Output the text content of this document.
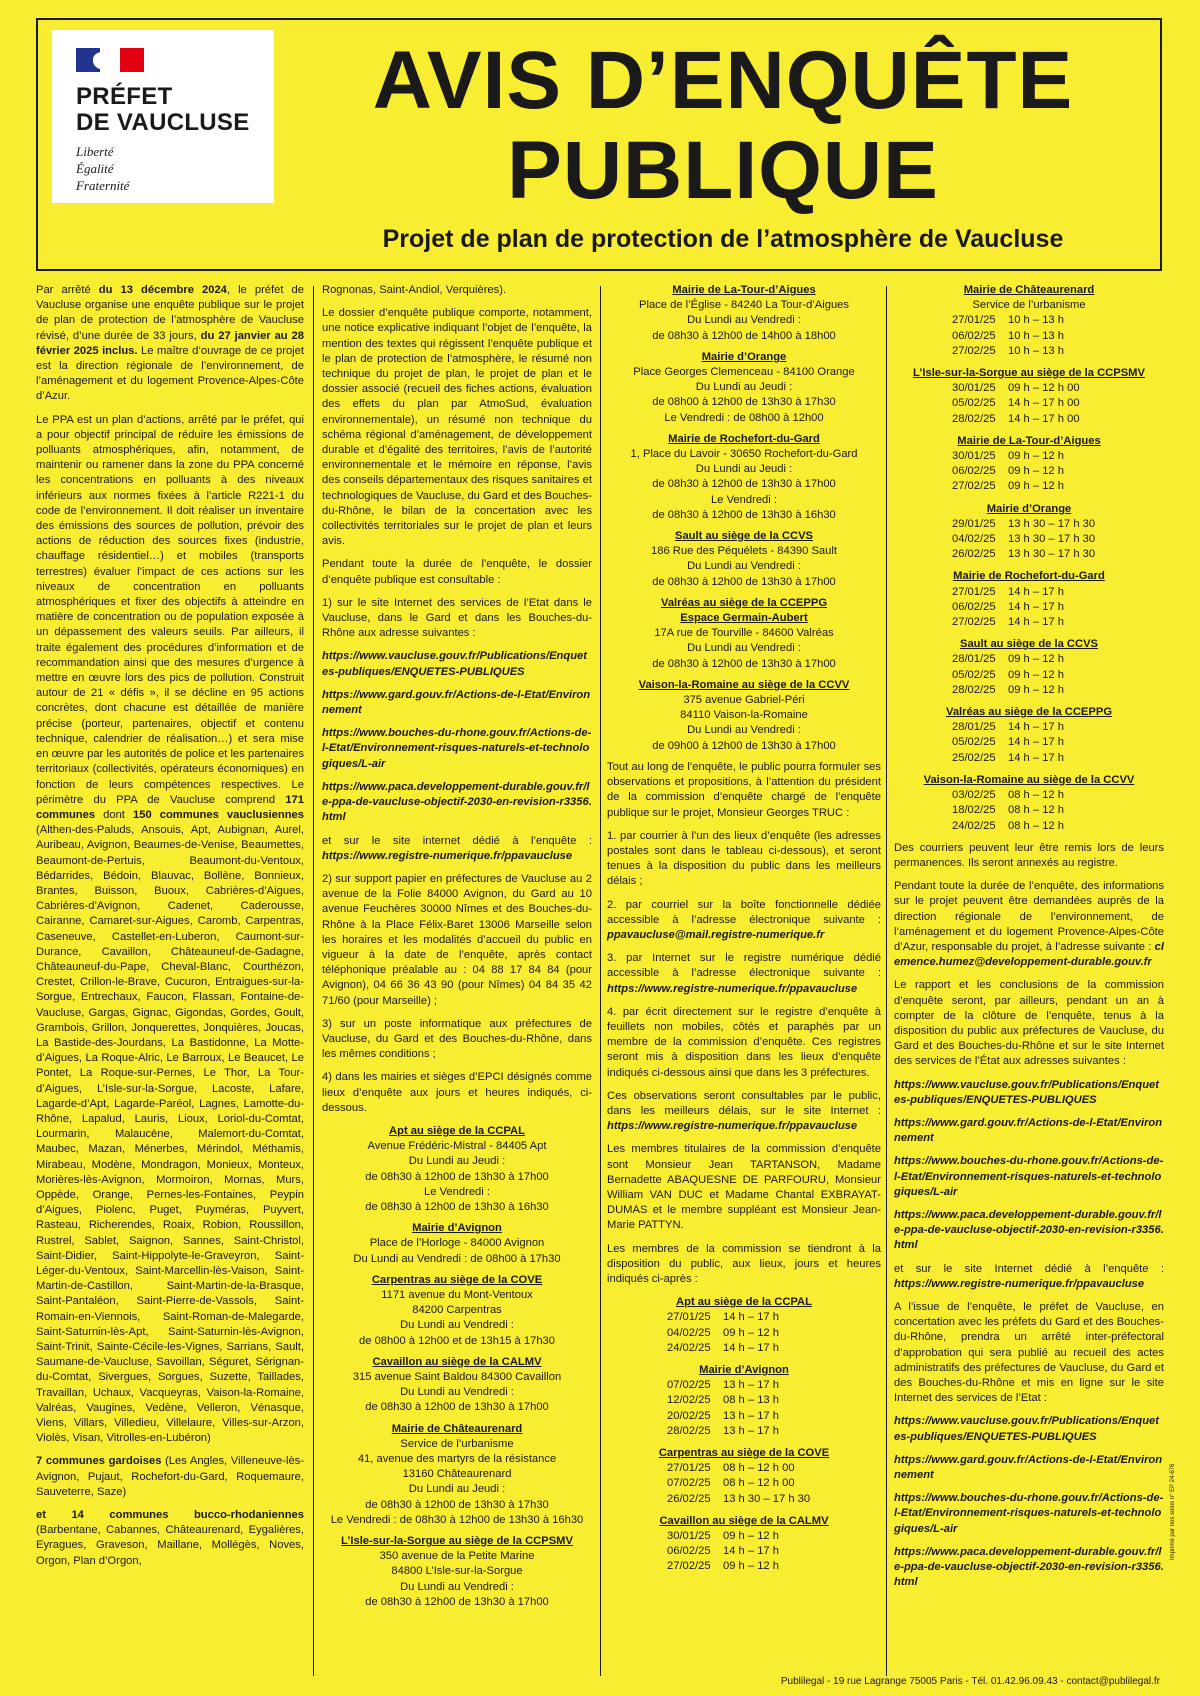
PRÉFET
DE VAUCLUSE
Liberté
Égalité
Fraternité
AVIS D’ENQUÊTE
PUBLIQUE
Projet de plan de protection de l’atmosphère de Vaucluse

Par arrêté du 13 décembre 2024, le préfet de Vaucluse organise une enquête publique sur le projet de plan de protection de l’atmosphère de Vaucluse révisé, d’une durée de 33 jours, du 27 janvier au 28 février 2025 inclus. Le maître d’ouvrage de ce projet est la direction régionale de l’environnement, de l’aménagement et du logement Provence-Alpes-Côte d’Azur.

Le PPA est un plan d’actions, arrêté par le préfet, qui a pour objectif principal de réduire les émissions de polluants atmosphériques, afin, notamment, de maintenir ou ramener dans la zone du PPA concerné les concentrations en polluants à des niveaux inférieurs aux normes fixées à l’article R221-1 du code de l’environnement. Il doit réaliser un inventaire des émissions des sources de pollution, prévoir des actions de réduction des sources fixes (industrie, chauffage résidentiel…) et mobiles (transports terrestres) évaluer l’impact de ces actions sur les niveaux de concentration en polluants atmosphériques et fixer des objectifs à atteindre en matière de concentration ou de population exposée à un dépassement des valeurs seuils. Par ailleurs, il traite également des procédures d’information et de recommandation ainsi que des mesures d’urgence à mettre en œuvre lors des pics de pollution. Construit autour de 21 « défis », il se décline en 95 actions concrètes, dont chacune est détaillée de manière précise (porteur, partenaires, objectif et contenu technique, calendrier de réalisation…) et sera mise en œuvre par les autorités de police et les partenaires territoriaux (collectivités, opérateurs économiques) en fonction de leurs compétences respectives. Le périmètre du PPA de Vaucluse comprend 171 communes dont 150 communes vauclusiennes (Althen-des-Paluds, Ansouis, Apt, Aubignan, Aurel, Auribeau, Avignon, Beaumes-de-Venise, Beaumettes, Beaumont-de-Pertuis, Beaumont-du-Ventoux, Bédarrides, Bédoin, Blauvac, Bollène, Bonnieux, Brantes, Buisson, Buoux, Cabrières-d’Aigues, Cabrières-d’Avignon, Cadenet, Caderousse, Cairanne, Camaret-sur-Aigues, Caromb, Carpentras, Caseneuve, Castellet-en-Luberon, Caumont-sur-Durance, Cavaillon, Châteauneuf-de-Gadagne, Châteauneuf-du-Pape, Cheval-Blanc, Courthézon, Crestet, Crillon-le-Brave, Cucuron, Entraigues-sur-la-Sorgue, Entrechaux, Faucon, Flassan, Fontaine-de-Vaucluse, Gargas, Gignac, Gigondas, Gordes, Goult, Grambois, Grillon, Jonquerettes, Jonquières, Joucas, La Bastide-des-Jourdans, La Bastidonne, La Motte-d’Aigues, La Roque-Alric, Le Barroux, Le Beaucet, Le Pontet, La Roque-sur-Pernes, Le Thor, La Tour-d’Aigues, L’Isle-sur-la-Sorgue, Lacoste, Lafare, Lagarde-d’Apt, Lagarde-Paréol, Lagnes, Lamotte-du-Rhône, Lapalud, Lauris, Lioux, Loriol-du-Comtat, Lourmarin, Malaucène, Malemort-du-Comtat, Maubec, Mazan, Ménerbes, Mérindol, Méthamis, Mirabeau, Modène, Mondragon, Monieux, Monteux, Morières-lès-Avignon, Mormoiron, Mornas, Murs, Oppède, Orange, Pernes-les-Fontaines, Peypin d’Aigues, Piolenc, Puget, Puyméras, Puyvert, Rasteau, Richerendes, Roaix, Robion, Roussillon, Rustrel, Sablet, Saignon, Sannes, Saint-Christol, Saint-Didier, Saint-Hippolyte-le-Graveyron, Saint-Léger-du-Ventoux, Saint-Marcellin-lès-Vaison, Saint-Martin-de-Castillon, Saint-Martin-de-la-Brasque, Saint-Pantaléon, Saint-Pierre-de-Vassols, Saint-Romain-en-Viennois, Saint-Roman-de-Malegarde, Saint-Saturnin-lès-Apt, Saint-Saturnin-lès-Avignon, Saint-Trinit, Sainte-Cécile-les-Vignes, Sarrians, Sault, Saumane-de-Vaucluse, Savoillan, Séguret, Sérignan-du-Comtat, Sivergues, Sorgues, Suzette, Taillades, Travaillan, Uchaux, Vacqueyras, Vaison-la-Romaine, Valréas, Vaugines, Vedène, Velleron, Vénasque, Viens, Villars, Villedieu, Villelaure, Villes-sur-Arzon, Violès, Visan, Vitrolles-en-Lubéron)

7 communes gardoises (Les Angles, Villeneuve-lès-Avignon, Pujaut, Rochefort-du-Gard, Roquemaure, Sauveterre, Saze)

et 14 communes bucco-rhodaniennes (Barbentane, Cabannes, Châteaurenard, Eygalières, Eyragues, Graveson, Maillane, Mollégès, Noves, Orgon, Plan d’Orgon,

Rognonas, Saint-Andiol, Verquières).

Le dossier d’enquête publique comporte, notamment, une notice explicative indiquant l’objet de l’enquête, la mention des textes qui régissent l’enquête publique et le plan de protection de l’atmosphère, le résumé non technique du projet de plan, le projet de plan et le dossier associé (recueil des fiches actions, évaluation des effets du plan par AtmoSud, évaluation environnementale), un résumé non technique du schéma régional d’aménagement, de développement durable et d’égalité des territoires, l’avis de l’autorité environnementale et le mémoire en réponse, l’avis des conseils départementaux des risques sanitaires et technologiques de Vaucluse, du Gard et des Bouches-du-Rhône, le bilan de la concertation avec les collectivités territoriales sur le projet de plan et leurs avis.

Pendant toute la durée de l’enquête, le dossier d’enquête publique est consultable :

1) sur le site Internet des services de l’Etat dans le Vaucluse, dans le Gard et dans les Bouches-du-Rhône aux adresse suivantes :

https://www.vaucluse.gouv.fr/Publications/Enquetes-publiques/ENQUETES-PUBLIQUES

https://www.gard.gouv.fr/Actions-de-l-Etat/Environnement

https://www.bouches-du-rhone.gouv.fr/Actions-de-l-Etat/Environnement-risques-naturels-et-technologiques/L-air

https://www.paca.developpement-durable.gouv.fr/le-ppa-de-vaucluse-objectif-2030-en-revision-r3356.html

et sur le site internet dédié à l’enquête : https://www.registre-numerique.fr/ppavaucluse

2) sur support papier en préfectures de Vaucluse au 2 avenue de la Folie 84000 Avignon, du Gard au 10 avenue Feuchères 30000 Nîmes et des Bouches-du-Rhône à la Place Félix-Baret 13006 Marseille selon les horaires et les modalités d’accueil du public en vigueur à la date de l’enquête, après contact téléphonique préalable au : 04 88 17 84 84 (pour Avignon), 04 66 36 43 90 (pour Nîmes) 04 84 35 42 71/60 (pour Marseille) ;

3) sur un poste informatique aux préfectures de Vaucluse, du Gard et des Bouches-du-Rhône, dans les mêmes conditions ;

4) dans les mairies et sièges d’EPCI désignés comme lieux d’enquête aux jours et heures indiqués, ci-dessous.

Apt au siège de la CCPAL
Avenue Frédéric-Mistral - 84405 Apt
Du Lundi au Jeudi :
de 08h30 à 12h00 de 13h30 à 17h00
Le Vendredi :
de 08h30 à 12h00 de 13h30 à 16h30
Mairie d’Avignon
Place de l’Horloge - 84000 Avignon
Du Lundi au Vendredi : de 08h00 à 17h30
Carpentras au siège de la COVE
1171 avenue du Mont-Ventoux
84200 Carpentras
Du Lundi au Vendredi :
de 08h00 à 12h00 et de 13h15 à 17h30
Cavaillon au siège de la CALMV
315 avenue Saint Baldou 84300 Cavaillon
Du Lundi au Vendredi :
de 08h30 à 12h00 de 13h30 à 17h00
Mairie de Châteaurenard
Service de l’urbanisme
41, avenue des martyrs de la résistance
13160 Châteaurenard
Du Lundi au Jeudi :
de 08h30 à 12h00 de 13h30 à 17h30
Le Vendredi : de 08h30 à 12h00 de 13h30 à 16h30
L’Isle-sur-la-Sorgue au siège de la CCPSMV
350 avenue de la Petite Marine
84800 L’Isle-sur-la-Sorgue
Du Lundi au Vendredi :
de 08h30 à 12h00 de 13h30 à 17h00
Mairie de La-Tour-d’Aigues
Place de l’Église - 84240 La Tour-d’Aigues
Du Lundi au Vendredi :
de 08h30 à 12h00 de 14h00 à 18h00
Mairie d’Orange
Place Georges Clemenceau - 84100 Orange
Du Lundi au Jeudi :
de 08h00 à 12h00 de 13h30 à 17h30
Le Vendredi : de 08h00 à 12h00
Mairie de Rochefort-du-Gard
1, Place du Lavoir - 30650 Rochefort-du-Gard
Du Lundi au Jeudi :
de 08h30 à 12h00 de 13h30 à 17h00
Le Vendredi :
de 08h30 à 12h00 de 13h30 à 16h30
Sault au siège de la CCVS
186 Rue des Péquélets - 84390 Sault
Du Lundi au Vendredi :
de 08h30 à 12h00 de 13h30 à 17h00
Valréas au siège de la CCEPPG
Espace Germain-Aubert
17A rue de Tourville - 84600 Valréas
Du Lundi au Vendredi :
de 08h30 à 12h00 de 13h30 à 17h00
Vaison-la-Romaine au siège de la CCVV
375 avenue Gabriel-Péri
84110 Vaison-la-Romaine
Du Lundi au Vendredi :
de 09h00 à 12h00 de 13h30 à 17h00

Tout au long de l’enquête, le public pourra formuler ses observations et propositions, à l’attention du président de la commission d’enquête chargé de l’enquête publique sur le projet, Monsieur Georges TRUC :

1. par courrier à l’un des lieux d’enquête (les adresses postales sont dans le tableau ci-dessous), et seront tenues à la disposition du public dans les meilleurs délais ;

2. par courriel sur la boîte fonctionnelle dédiée accessible à l’adresse électronique suivante : ppavaucluse@mail.registre-numerique.fr

3. par Internet sur le registre numérique dédié accessible à l’adresse électronique suivante : https://www.registre-numerique.fr/ppavaucluse

4. par écrit directement sur le registre d’enquête à feuillets non mobiles, côtés et paraphés par un membre de la commission d’enquête. Ces registres seront mis à disposition dans les lieux d’enquête indiqués ci-dessous ainsi que dans les 3 préfectures.

Ces observations seront consultables par le public, dans les meilleurs délais, sur le site Internet : https://www.registre-numerique.fr/ppavaucluse

Les membres titulaires de la commission d’enquête sont Monsieur Jean TARTANSON, Madame Bernadette ABAQUESNE DE PARFOURU, Monsieur William VAN DUC et Madame Chantal EXBRAYAT-DUMAS et le membre suppléant est Monsieur Jean-Marie PATTYN.

Les membres de la commission se tiendront à la disposition du public, aux lieux, jours et heures indiqués ci-après :

Apt au siège de la CCPAL
27/01/25	14 h – 17 h
04/02/25	09 h – 12 h
24/02/25	14 h – 17 h
Mairie d’Avignon
07/02/25	13 h – 17 h
12/02/25	08 h – 13 h
20/02/25	13 h – 17 h
28/02/25	13 h – 17 h
Carpentras au siège de la COVE
27/01/25	08 h – 12 h 00
07/02/25	08 h – 12 h 00
26/02/25	13 h 30 – 17 h 30
Cavaillon au siège de la CALMV
30/01/25	09 h – 12 h
06/02/25	14 h – 17 h
27/02/25	09 h – 12 h
Mairie de Châteaurenard
Service de l’urbanisme
27/01/25	10 h – 13 h
06/02/25	10 h – 13 h
27/02/25	10 h – 13 h
L’Isle-sur-la-Sorgue au siège de la CCPSMV
30/01/25	09 h – 12 h 00
05/02/25	14 h – 17 h 00
28/02/25	14 h – 17 h 00
Mairie de La-Tour-d’Aigues
30/01/25	09 h – 12 h
06/02/25	09 h – 12 h
27/02/25	09 h – 12 h
Mairie d’Orange
29/01/25	13 h 30 – 17 h 30
04/02/25	13 h 30 – 17 h 30
26/02/25	13 h 30 – 17 h 30
Mairie de Rochefort-du-Gard
27/01/25	14 h – 17 h
06/02/25	14 h – 17 h
27/02/25	14 h – 17 h
Sault au siège de la CCVS
28/01/25	09 h – 12 h
05/02/25	09 h – 12 h
28/02/25	09 h – 12 h
Valréas au siège de la CCEPPG
28/01/25	14 h – 17 h
05/02/25	14 h – 17 h
25/02/25	14 h – 17 h
Vaison-la-Romaine au siège de la CCVV
03/02/25	08 h – 12 h
18/02/25	08 h – 12 h
24/02/25	08 h – 12 h

Des courriers peuvent leur être remis lors de leurs permanences. Ils seront annexés au registre.

Pendant toute la durée de l’enquête, des informations sur le projet peuvent être demandées auprès de la direction régionale de l’environnement, de l’aménagement et du logement Provence-Alpes-Côte d’Azur, responsable du projet, à l’adresse suivante : clemence.humez@developpement-durable.gouv.fr

Le rapport et les conclusions de la commission d’enquête seront, par ailleurs, pendant un an à compter de la clôture de l’enquête, tenus à la disposition du public aux préfectures de Vaucluse, du Gard et des Bouches-du-Rhône et sur le site Internet des services de l’État aux adresses suivantes :

https://www.vaucluse.gouv.fr/Publications/Enquetes-publiques/ENQUETES-PUBLIQUES

https://www.gard.gouv.fr/Actions-de-l-Etat/Environnement

https://www.bouches-du-rhone.gouv.fr/Actions-de-l-Etat/Environnement-risques-naturels-et-technologiques/L-air

https://www.paca.developpement-durable.gouv.fr/le-ppa-de-vaucluse-objectif-2030-en-revision-r3356.html

et sur le site Internet dédié à l’enquête : https://www.registre-numerique.fr/ppavaucluse

A l’issue de l’enquête, le préfet de Vaucluse, en concertation avec les préfets du Gard et des Bouches-du-Rhône, prendra un arrêté inter-préfectoral d’approbation qui sera publié au recueil des actes administratifs des préfectures de Vaucluse, du Gard et des Bouches-du-Rhône et mis en ligne sur le site Internet des services de l’Etat :

https://www.vaucluse.gouv.fr/Publications/Enquetes-publiques/ENQUETES-PUBLIQUES

https://www.gard.gouv.fr/Actions-de-l-Etat/Environnement

https://www.bouches-du-rhone.gouv.fr/Actions-de-l-Etat/Environnement-risques-naturels-et-technologiques/L-air

https://www.paca.developpement-durable.gouv.fr/le-ppa-de-vaucluse-objectif-2030-en-revision-r3356.html

Publilegal - 19 rue Lagrange 75005 Paris - Tél. 01.42.96.09.43 - contact@publilegal.fr
Imprimé par nos soins n° EP 24-676
